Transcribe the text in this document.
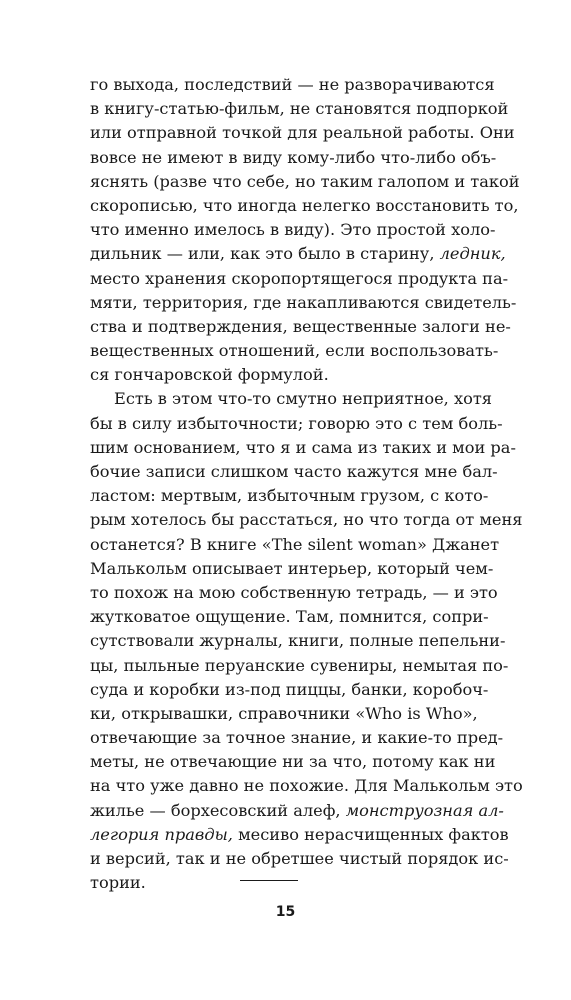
го выхода, последствий — не разворачиваются
в книгу-статью-фильм, не становятся подпоркой
или отправной точкой для реальной работы. Они
вовсе не имеют в виду кому-либо что-либо объ-
яснять (разве что себе, но таким галопом и такой
скорописью, что иногда нелегко восстановить то,
что именно имелось в виду). Это простой холо-
дильник — или, как это было в старину, ледник,
место хранения скоропортящегося продукта па-
мяти, территория, где накапливаются свидетель-
ства и подтверждения, вещественные залоги не-
вещественных отношений, если воспользовать-
ся гончаровской формулой.
Есть в этом что-то смутно неприятное, хотя
бы в силу избыточности; говорю это с тем боль-
шим основанием, что я и сама из таких и мои ра-
бочие записи слишком часто кажутся мне бал-
ластом: мертвым, избыточным грузом, с кото-
рым хотелось бы расстаться, но что тогда от меня
останется? В книге «The silent woman» Джанет
Малькольм описывает интерьер, который чем-
то похож на мою собственную тетрадь, — и это
жутковатое ощущение. Там, помнится, сопри-
сутствовали журналы, книги, полные пепельни-
цы, пыльные перуанские сувениры, немытая по-
суда и коробки из-под пиццы, банки, коробоч-
ки, открывашки, справочники «Who is Who»,
отвечающие за точное знание, и какие-то пред-
меты, не отвечающие ни за что, потому как ни
на что уже давно не похожие. Для Малькольм это
жилье — борхесовский алеф, монструозная ал-
легория правды, месиво нерасчищенных фактов
и версий, так и не обретшее чистый порядок ис-
тории.
15
